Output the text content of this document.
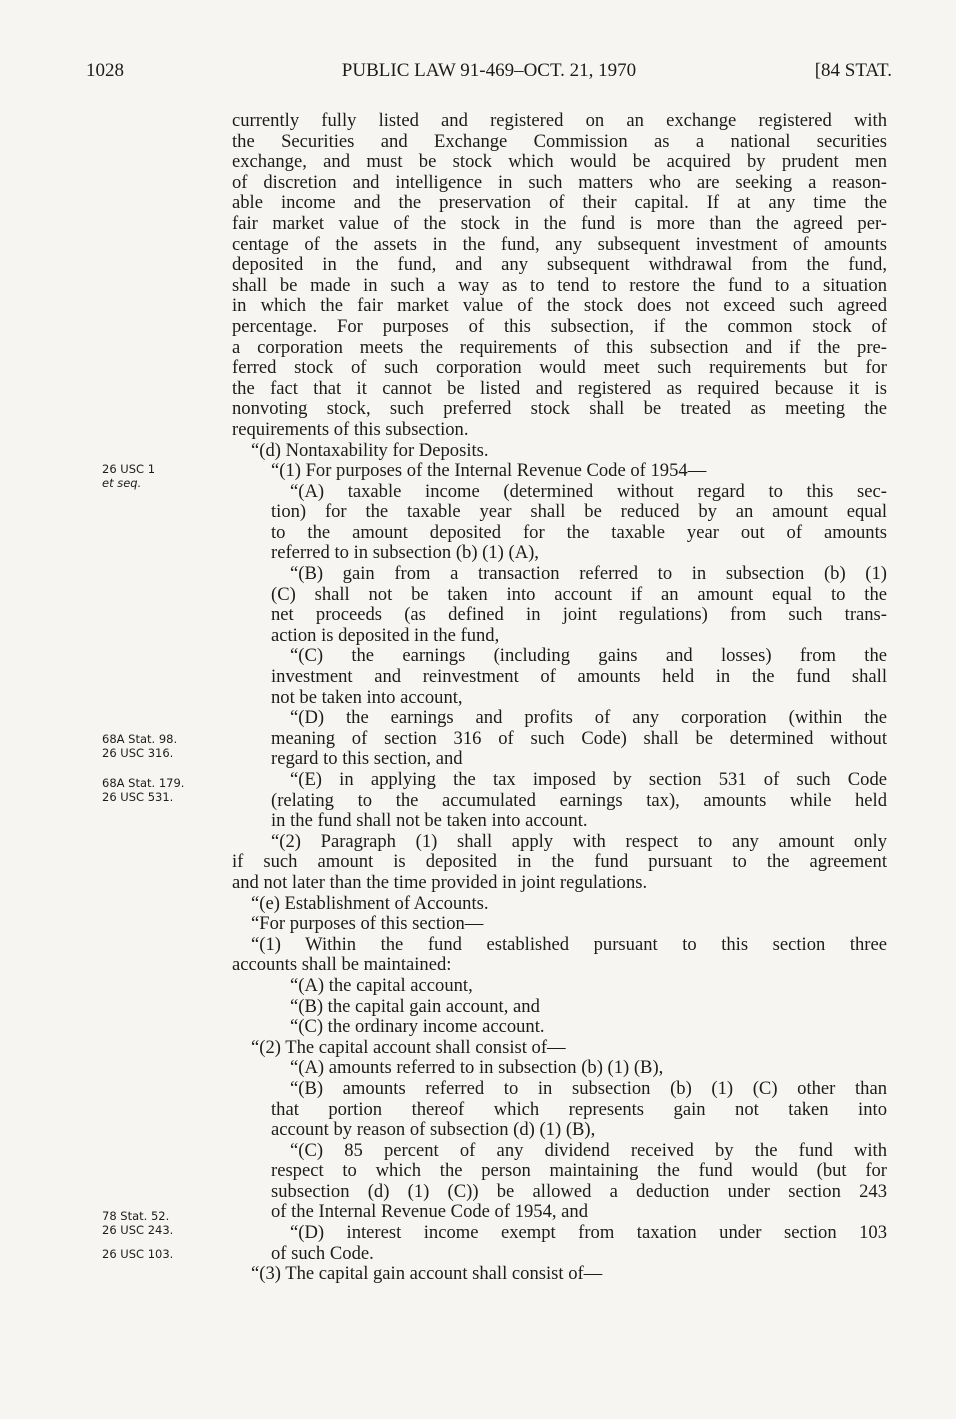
1028	PUBLIC LAW 91-469–OCT. 21, 1970	[84 STAT.
26 USC 1
et seq.
68A Stat. 98.
26 USC 316.
68A Stat. 179.
26 USC 531.
78 Stat. 52.
26 USC 243.
26 USC 103.
currently fully listed and registered on an exchange registered with
the Securities and Exchange Commission as a national securities
exchange, and must be stock which would be acquired by prudent men
of discretion and intelligence in such matters who are seeking a reason-
able income and the preservation of their capital. If at any time the
fair market value of the stock in the fund is more than the agreed per-
centage of the assets in the fund, any subsequent investment of amounts
deposited in the fund, and any subsequent withdrawal from the fund,
shall be made in such a way as to tend to restore the fund to a situation
in which the fair market value of the stock does not exceed such agreed
percentage. For purposes of this subsection, if the common stock of
a corporation meets the requirements of this subsection and if the pre-
ferred stock of such corporation would meet such requirements but for
the fact that it cannot be listed and registered as required because it is
nonvoting stock, such preferred stock shall be treated as meeting the
requirements of this subsection.
“(d) Nontaxability for Deposits.
“(1) For purposes of the Internal Revenue Code of 1954—
“(A) taxable income (determined without regard to this sec-
tion) for the taxable year shall be reduced by an amount equal
to the amount deposited for the taxable year out of amounts
referred to in subsection (b) (1) (A),
“(B) gain from a transaction referred to in subsection (b) (1)
(C) shall not be taken into account if an amount equal to the
net proceeds (as defined in joint regulations) from such trans-
action is deposited in the fund,
“(C) the earnings (including gains and losses) from the
investment and reinvestment of amounts held in the fund shall
not be taken into account,
“(D) the earnings and profits of any corporation (within the
meaning of section 316 of such Code) shall be determined without
regard to this section, and
“(E) in applying the tax imposed by section 531 of such Code
(relating to the accumulated earnings tax), amounts while held
in the fund shall not be taken into account.
“(2) Paragraph (1) shall apply with respect to any amount only
if such amount is deposited in the fund pursuant to the agreement
and not later than the time provided in joint regulations.
“(e) Establishment of Accounts.
“For purposes of this section—
“(1) Within the fund established pursuant to this section three
accounts shall be maintained:
“(A) the capital account,
“(B) the capital gain account, and
“(C) the ordinary income account.
“(2) The capital account shall consist of—
“(A) amounts referred to in subsection (b) (1) (B),
“(B) amounts referred to in subsection (b) (1) (C) other than
that portion thereof which represents gain not taken into
account by reason of subsection (d) (1) (B),
“(C) 85 percent of any dividend received by the fund with
respect to which the person maintaining the fund would (but for
subsection (d) (1) (C)) be allowed a deduction under section 243
of the Internal Revenue Code of 1954, and
“(D) interest income exempt from taxation under section 103
of such Code.
“(3) The capital gain account shall consist of—
